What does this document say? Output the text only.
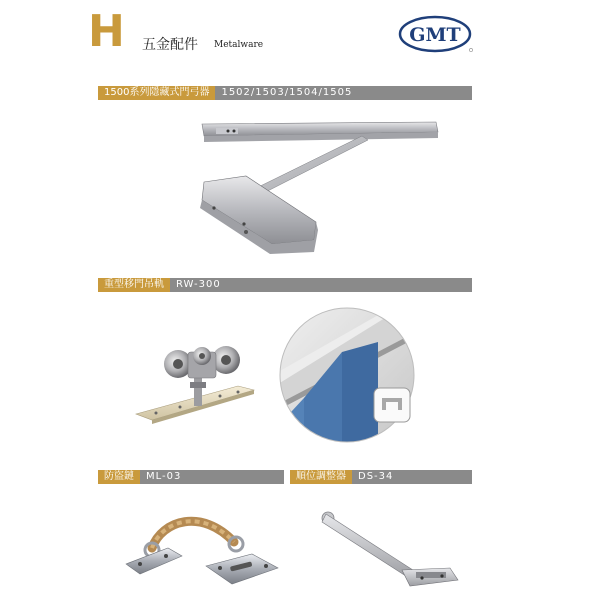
H 五金配件 Metalware	GMT
1500系列隱藏式門弓器	1502/1503/1504/1505
重型移門吊軌	RW-300
防盜鏈	ML-03	順位調整器	DS-34
